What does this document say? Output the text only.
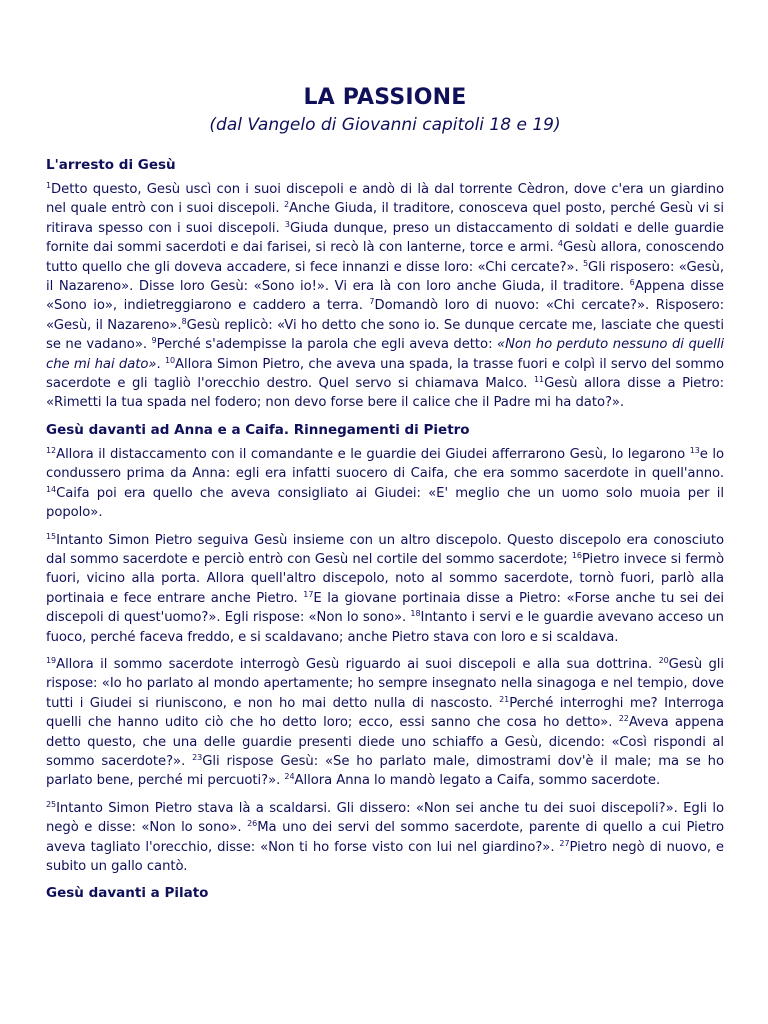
LA PASSIONE
(dal Vangelo di Giovanni capitoli 18 e 19)
L'arresto di Gesù

$^1$Detto questo, Gesù uscì con i suoi discepoli e andò di là dal torrente Cèdron, dove c'era un giardino nel quale entrò con i suoi discepoli. $^2$Anche Giuda, il traditore, conosceva quel posto, perché Gesù vi si ritirava spesso con i suoi discepoli. $^3$Giuda dunque, preso un distaccamento di soldati e delle guardie fornite dai sommi sacerdoti e dai farisei, si recò là con lanterne, torce e armi. $^4$Gesù allora, conoscendo tutto quello che gli doveva accadere, si fece innanzi e disse loro: «Chi cercate?». $^5$Gli risposero: «Gesù, il Nazareno». Disse loro Gesù: «Sono io!». Vi era là con loro anche Giuda, il traditore. $^6$Appena disse «Sono io», indietreggiarono e caddero a terra. $^7$Domandò loro di nuovo: «Chi cercate?». Risposero: «Gesù, il Nazareno».$^8$Gesù replicò: «Vi ho detto che sono io. Se dunque cercate me, lasciate che questi se ne vadano». $^9$Perché s'adempisse la parola che egli aveva detto: «Non ho perduto nessuno di quelli che mi hai dato». $^{10}$Allora Simon Pietro, che aveva una spada, la trasse fuori e colpì il servo del sommo sacerdote e gli tagliò l'orecchio destro. Quel servo si chiamava Malco. $^{11}$Gesù allora disse a Pietro: «Rimetti la tua spada nel fodero; non devo forse bere il calice che il Padre mi ha dato?».

Gesù davanti ad Anna e a Caifa. Rinnegamenti di Pietro

$^{12}$Allora il distaccamento con il comandante e le guardie dei Giudei afferrarono Gesù, lo legarono $^{13}$e lo condussero prima da Anna: egli era infatti suocero di Caifa, che era sommo sacerdote in quell'anno. $^{14}$Caifa poi era quello che aveva consigliato ai Giudei: «E' meglio che un uomo solo muoia per il popolo».

$^{15}$Intanto Simon Pietro seguiva Gesù insieme con un altro discepolo. Questo discepolo era conosciuto dal sommo sacerdote e perciò entrò con Gesù nel cortile del sommo sacerdote; $^{16}$Pietro invece si fermò fuori, vicino alla porta. Allora quell'altro discepolo, noto al sommo sacerdote, tornò fuori, parlò alla portinaia e fece entrare anche Pietro. $^{17}$E la giovane portinaia disse a Pietro: «Forse anche tu sei dei discepoli di quest'uomo?». Egli rispose: «Non lo sono». $^{18}$Intanto i servi e le guardie avevano acceso un fuoco, perché faceva freddo, e si scaldavano; anche Pietro stava con loro e si scaldava.

$^{19}$Allora il sommo sacerdote interrogò Gesù riguardo ai suoi discepoli e alla sua dottrina. $^{20}$Gesù gli rispose: «Io ho parlato al mondo apertamente; ho sempre insegnato nella sinagoga e nel tempio, dove tutti i Giudei si riuniscono, e non ho mai detto nulla di nascosto. $^{21}$Perché interroghi me? Interroga quelli che hanno udito ciò che ho detto loro; ecco, essi sanno che cosa ho detto». $^{22}$Aveva appena detto questo, che una delle guardie presenti diede uno schiaffo a Gesù, dicendo: «Così rispondi al sommo sacerdote?». $^{23}$Gli rispose Gesù: «Se ho parlato male, dimostrami dov'è il male; ma se ho parlato bene, perché mi percuoti?». $^{24}$Allora Anna lo mandò legato a Caifa, sommo sacerdote.

$^{25}$Intanto Simon Pietro stava là a scaldarsi. Gli dissero: «Non sei anche tu dei suoi discepoli?». Egli lo negò e disse: «Non lo sono». $^{26}$Ma uno dei servi del sommo sacerdote, parente di quello a cui Pietro aveva tagliato l'orecchio, disse: «Non ti ho forse visto con lui nel giardino?». $^{27}$Pietro negò di nuovo, e subito un gallo cantò.

Gesù davanti a Pilato
